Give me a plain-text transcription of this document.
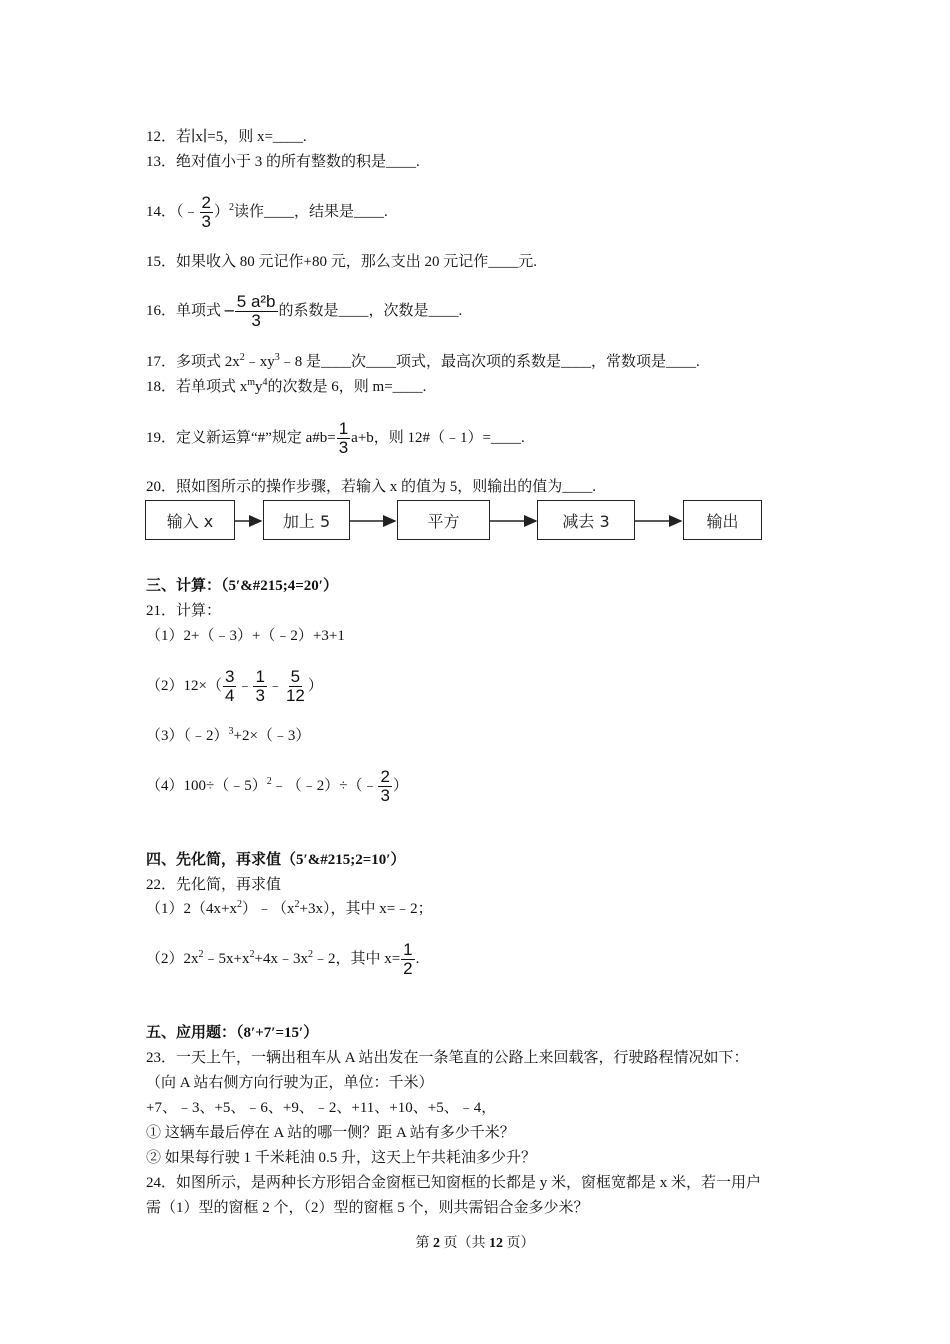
12．若∣x∣=5，则 x=____.
13．绝对值小于 3 的所有整数的积是____.
14．（﹣ $\frac{2}{3} )^2$读作____，结果是____.
15．如果收入 80 元记作+80 元，那么支出 20 元记作____元.
16．单项式 – $\frac{\text{5 a²b}}{3}$ 的系数是____，次数是____.
17．多项式 $2x^2﹣xy^3﹣8$ 是____次____项式，最高次项的系数是____，常数项是____.
18．若单项式 $x^my^4$的次数是 6，则 m=____.
19．定义新运算“#”规定 a#b= $\frac{1}{3} a+b$，则 12#（﹣1）=____.
20．照如图所示的操作步骤，若输入 x 的值为 5，则输出的值为____.
输入 x	加上 5	平方	减去 3	输出
三、计算：（5′&#215;4=20′）
21．计算：
（1）2+（﹣3）+（﹣2）+3+1
$(2)12\times( \frac{3}{4}$ ﹣ $\frac{1}{3}$ ﹣ $\frac{5}{12}$ ）
（3）（﹣2）$^3$+2×（﹣3）
（4）100÷（﹣5）$^2$﹣（﹣2）÷（﹣ $\frac{2}{3}$ ）
四、先化简，再求值（5′&#215;2=10′）
22．先化简，再求值
$(1)2(4x+x^2)﹣(x^2+3x)$，其中 x=﹣2；
$(2)2x^2﹣5x+x^2+4x﹣3x^2﹣2$，其中 $x= \frac{1}{2}$ .
五、应用题：（8′+7′=15′）
23．一天上午，一辆出租车从 A 站出发在一条笔直的公路上来回载客，行驶路程情况如下：
（向 A 站右侧方向行驶为正，单位：千米）
+7、﹣3、+5、﹣6、+9、﹣2、+11、+10、+5、﹣4，
① 这辆车最后停在 A 站的哪一侧？距 A 站有多少千米？
② 如果每行驶 1 千米耗油 0.5 升，这天上午共耗油多少升？
24．如图所示，是两种长方形铝合金窗框已知窗框的长都是 y 米，窗框宽都是 x 米，若一用户
需（1）型的窗框 2 个，（2）型的窗框 5 个，则共需铝合金多少米？
第 2 页（共 12 页）
